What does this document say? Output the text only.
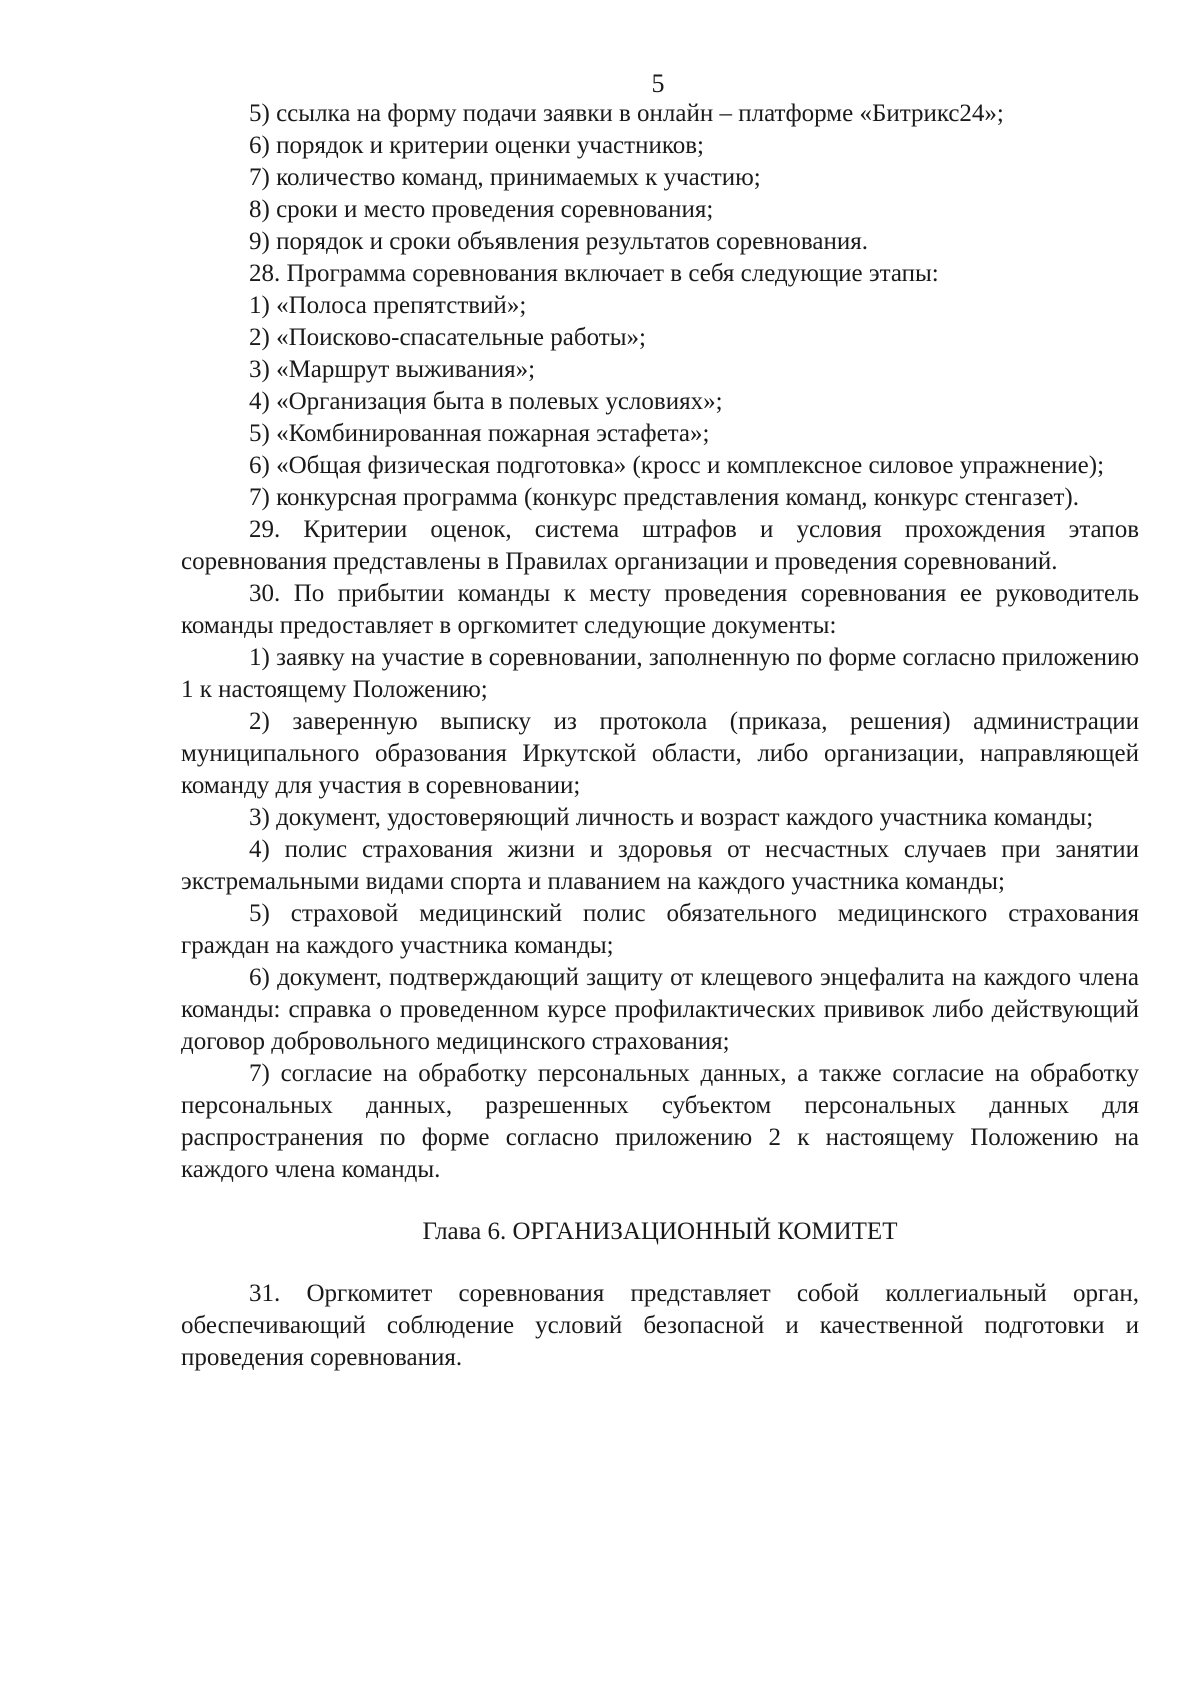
5

5) ссылка на форму подачи заявки в онлайн – платформе «Битрикс24»;

6) порядок и критерии оценки участников;

7) количество команд, принимаемых к участию;

8) сроки и место проведения соревнования;

9) порядок и сроки объявления результатов соревнования.

28. Программа соревнования включает в себя следующие этапы:

1) «Полоса препятствий»;

2) «Поисково-спасательные работы»;

3) «Маршрут выживания»;

4) «Организация быта в полевых условиях»;

5) «Комбинированная пожарная эстафета»;

6) «Общая физическая подготовка» (кросс и комплексное силовое упражнение);

7) конкурсная программа (конкурс представления команд, конкурс стенгазет).

29. Критерии оценок, система штрафов и условия прохождения этапов соревнования представлены в Правилах организации и проведения соревнований.

30. По прибытии команды к месту проведения соревнования ее руководитель команды предоставляет в оргкомитет следующие документы:

1) заявку на участие в соревновании, заполненную по форме согласно приложению 1 к настоящему Положению;

2) заверенную выписку из протокола (приказа, решения) администрации муниципального образования Иркутской области, либо организации, направляющей команду для участия в соревновании;

3) документ, удостоверяющий личность и возраст каждого участника команды;

4) полис страхования жизни и здоровья от несчастных случаев при занятии экстремальными видами спорта и плаванием на каждого участника команды;

5) страховой медицинский полис обязательного медицинского страхования граждан на каждого участника команды;

6) документ, подтверждающий защиту от клещевого энцефалита на каждого члена команды: справка о проведенном курсе профилактических прививок либо действующий договор добровольного медицинского страхования;

7) согласие на обработку персональных данных, а также согласие на обработку персональных данных, разрешенных субъектом персональных данных для распространения по форме согласно приложению 2 к настоящему Положению на каждого члена команды.

Глава 6. ОРГАНИЗАЦИОННЫЙ КОМИТЕТ

31. Оргкомитет соревнования представляет собой коллегиальный орган, обеспечивающий соблюдение условий безопасной и качественной подготовки и проведения соревнования.
